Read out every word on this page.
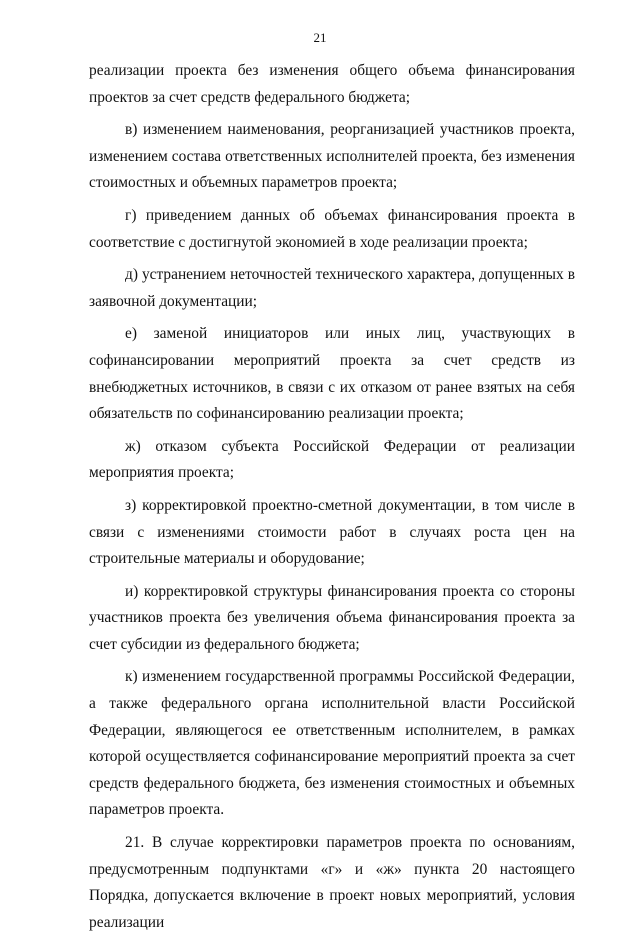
21

реализации проекта без изменения общего объема финансирования проектов за счет средств федерального бюджета;

в) изменением наименования, реорганизацией участников проекта, изменением состава ответственных исполнителей проекта, без изменения стоимостных и объемных параметров проекта;

г) приведением данных об объемах финансирования проекта в соответствие с достигнутой экономией в ходе реализации проекта;

д) устранением неточностей технического характера, допущенных в заявочной документации;

е) заменой инициаторов или иных лиц, участвующих в софинансировании мероприятий проекта за счет средств из внебюджетных источников, в связи с их отказом от ранее взятых на себя обязательств по софинансированию реализации проекта;

ж) отказом субъекта Российской Федерации от реализации мероприятия проекта;

з) корректировкой проектно-сметной документации, в том числе в связи с изменениями стоимости работ в случаях роста цен на строительные материалы и оборудование;

и) корректировкой структуры финансирования проекта со стороны участников проекта без увеличения объема финансирования проекта за счет субсидии из федерального бюджета;

к) изменением государственной программы Российской Федерации, а также федерального органа исполнительной власти Российской Федерации, являющегося ее ответственным исполнителем, в рамках которой осуществляется софинансирование мероприятий проекта за счет средств федерального бюджета, без изменения стоимостных и объемных параметров проекта.

21. В случае корректировки параметров проекта по основаниям, предусмотренным подпунктами «г» и «ж» пункта 20 настоящего Порядка, допускается включение в проект новых мероприятий, условия реализации
